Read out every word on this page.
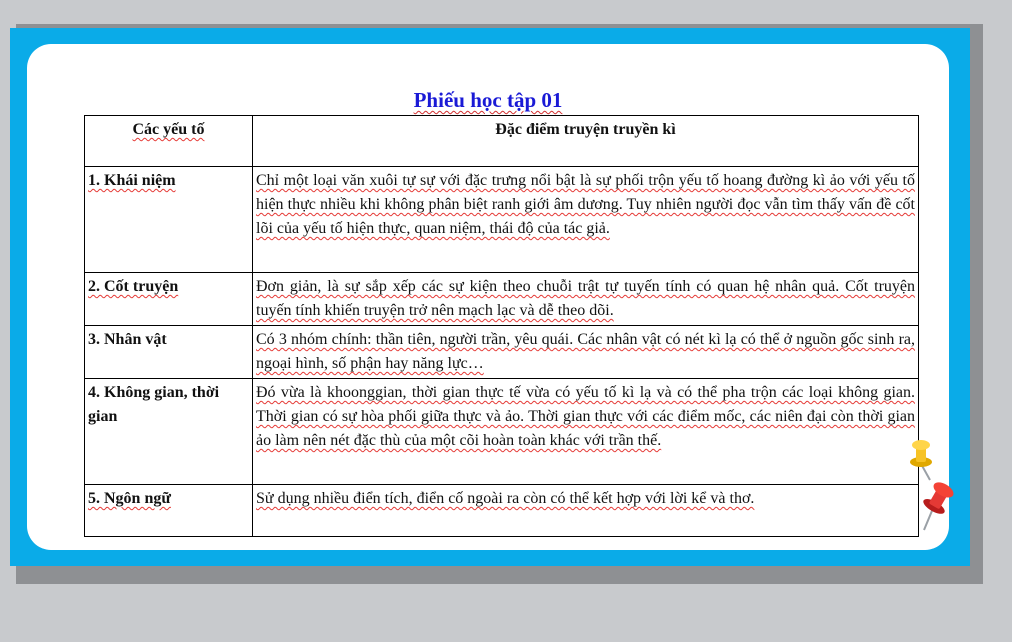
Phiếu học tập 01
Các yếu tố	Đặc điểm truyện truyền kì
1. Khái niệm	Chỉ một loại văn xuôi tự sự với đặc trưng nổi bật là sự phối trộn yếu tố hoang đường kì ảo với yếu tố hiện thực nhiều khi không phân biệt ranh giới âm dương. Tuy nhiên người đọc vẫn tìm thấy vấn đề cốt lõi của yếu tố hiện thực, quan niệm, thái độ của tác giả.
2. Cốt truyện	Đơn giản, là sự sắp xếp các sự kiện theo chuỗi trật tự tuyến tính có quan hệ nhân quả. Cốt truyện tuyến tính khiến truyện trở nên mạch lạc và dễ theo dõi.
3. Nhân vật	Có 3 nhóm chính: thần tiên, người trần, yêu quái. Các nhân vật có nét kì lạ có thể ở nguồn gốc sinh ra, ngoại hình, số phận hay năng lực…
4. Không gian, thời gian	Đó vừa là khoonggian, thời gian thực tế vừa có yếu tố kì lạ và có thể pha trộn các loại không gian. Thời gian có sự hòa phối giữa thực và ảo. Thời gian thực với các điểm mốc, các niên đại còn thời gian ảo làm nên nét đặc thù của một cõi hoàn toàn khác với trần thế.
5. Ngôn ngữ	Sử dụng nhiều điển tích, điển cố ngoài ra còn có thể kết hợp với lời kể và thơ.
